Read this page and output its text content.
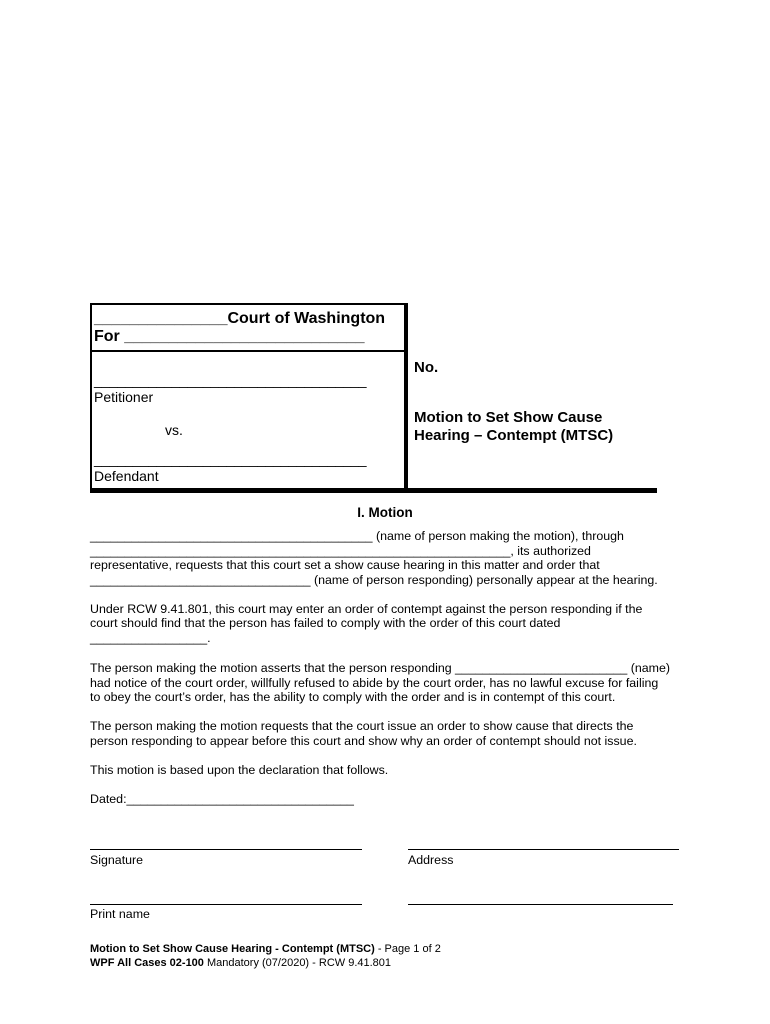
_______________Court of Washington
For ___________________________
___________________________________
Petitioner
vs.
___________________________________
Defendant
No.
Motion to Set Show Cause
Hearing – Contempt (MTSC)
I. Motion
_________________________________________ (name of person making the motion), through
_____________________________________________________________, its authorized
representative, requests that this court set a show cause hearing in this matter and order that
________________________________ (name of person responding) personally appear at the hearing.
Under RCW 9.41.801, this court may enter an order of contempt against the person responding if the
court should find that the person has failed to comply with the order of this court dated
_________________.
The person making the motion asserts that the person responding _________________________ (name)
had notice of the court order, willfully refused to abide by the court order, has no lawful excuse for failing
to obey the court’s order, has the ability to comply with the order and is in contempt of this court.
The person making the motion requests that the court issue an order to show cause that directs the
person responding to appear before this court and show why an order of contempt should not issue.
This motion is based upon the declaration that follows.
Dated:_________________________________
Signature	Address
Print name
Motion to Set Show Cause Hearing - Contempt (MTSC) - Page 1 of 2
WPF All Cases 02-100 Mandatory (07/2020) - RCW 9.41.801
